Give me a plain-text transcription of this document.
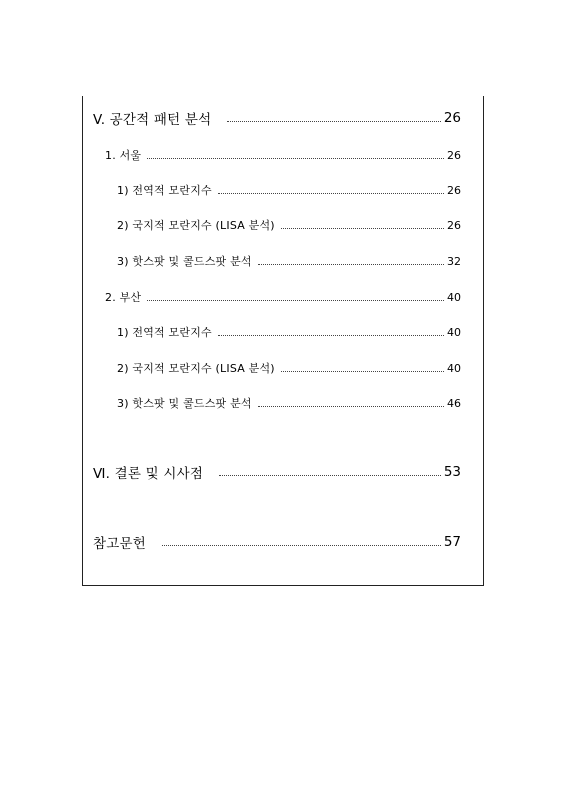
V. 공간적 패턴 분석	26
1. 서울	26
1) 전역적 모란지수	26
2) 국지적 모란지수 (LISA 분석)	26
3) 핫스팟 및 콜드스팟 분석	32
2. 부산	40
1) 전역적 모란지수	40
2) 국지적 모란지수 (LISA 분석)	40
3) 핫스팟 및 콜드스팟 분석	46
Ⅵ. 결론 및 시사점	53
참고문헌	57
